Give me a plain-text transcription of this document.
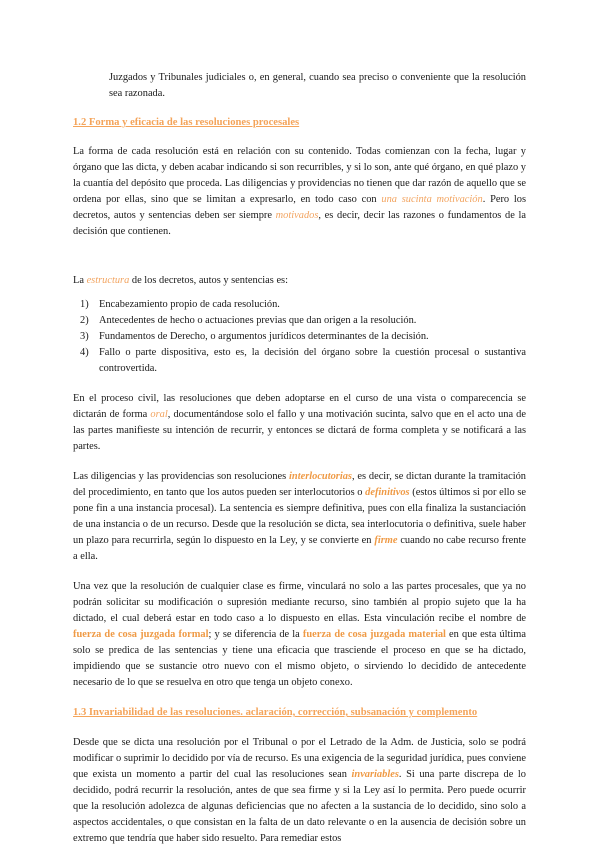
Juzgados y Tribunales judiciales o, en general, cuando sea preciso o conveniente que la resolución sea razonada.

1.2 Forma y eficacia de las resoluciones procesales

La forma de cada resolución está en relación con su contenido. Todas comienzan con la fecha, lugar y órgano que las dicta, y deben acabar indicando si son recurribles, y si lo son, ante qué órgano, en qué plazo y la cuantía del depósito que proceda. Las diligencias y providencias no tienen que dar razón de aquello que se ordena por ellas, sino que se limitan a expresarlo, en todo caso con una sucinta motivación. Pero los decretos, autos y sentencias deben ser siempre motivados, es decir, decir las razones o fundamentos de la decisión que contienen.

La estructura de los decretos, autos y sentencias es:

1) Encabezamiento propio de cada resolución.
2) Antecedentes de hecho o actuaciones previas que dan origen a la resolución.
3) Fundamentos de Derecho, o argumentos jurídicos determinantes de la decisión.
4) Fallo o parte dispositiva, esto es, la decisión del órgano sobre la cuestión procesal o sustantiva controvertida.

En el proceso civil, las resoluciones que deben adoptarse en el curso de una vista o comparecencia se dictarán de forma oral, documentándose solo el fallo y una motivación sucinta, salvo que en el acto una de las partes manifieste su intención de recurrir, y entonces se dictará de forma completa y se notificará a las partes.

Las diligencias y las providencias son resoluciones interlocutorias, es decir, se dictan durante la tramitación del procedimiento, en tanto que los autos pueden ser interlocutorios o definitivos (estos últimos si por ello se pone fin a una instancia procesal). La sentencia es siempre definitiva, pues con ella finaliza la sustanciación de una instancia o de un recurso. Desde que la resolución se dicta, sea interlocutoria o definitiva, suele haber un plazo para recurrirla, según lo dispuesto en la Ley, y se convierte en firme cuando no cabe recurso frente a ella.

Una vez que la resolución de cualquier clase es firme, vinculará no solo a las partes procesales, que ya no podrán solicitar su modificación o supresión mediante recurso, sino también al propio sujeto que la ha dictado, el cual deberá estar en todo caso a lo dispuesto en ellas. Esta vinculación recibe el nombre de fuerza de cosa juzgada formal; y se diferencia de la fuerza de cosa juzgada material en que esta última solo se predica de las sentencias y tiene una eficacia que trasciende el proceso en que se ha dictado, impidiendo que se sustancie otro nuevo con el mismo objeto, o sirviendo lo decidido de antecedente necesario de lo que se resuelva en otro que tenga un objeto conexo.

1.3 Invariabilidad de las resoluciones. aclaración, corrección, subsanación y complemento

Desde que se dicta una resolución por el Tribunal o por el Letrado de la Adm. de Justicia, solo se podrá modificar o suprimir lo decidido por vía de recurso. Es una exigencia de la seguridad jurídica, pues conviene que exista un momento a partir del cual las resoluciones sean invariables. Si una parte discrepa de lo decidido, podrá recurrir la resolución, antes de que sea firme y si la Ley así lo permita. Pero puede ocurrir que la resolución adolezca de algunas deficiencias que no afecten a la sustancia de lo decidido, sino solo a aspectos accidentales, o que consistan en la falta de un dato relevante o en la ausencia de decisión sobre un extremo que tendría que haber sido resuelto. Para remediar estos
